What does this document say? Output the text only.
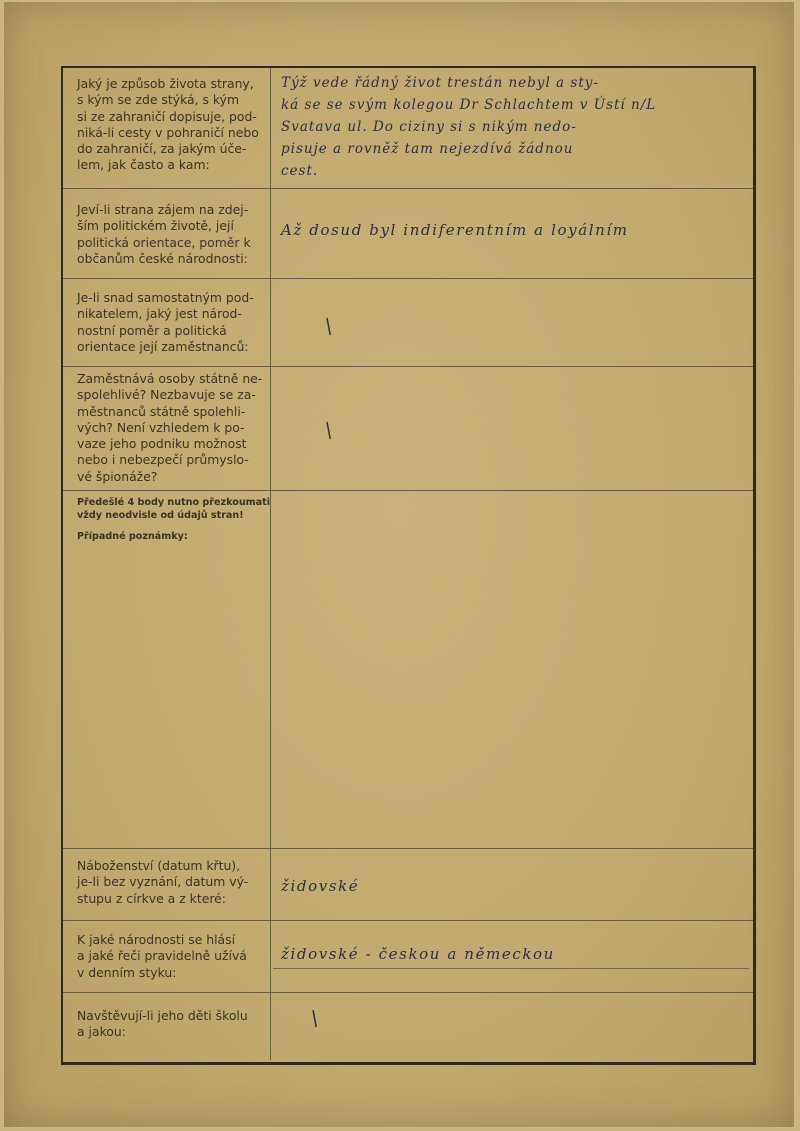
Jaký je způsob života strany,
s kým se zde stýká, s kým
si ze zahraničí dopisuje, pod-
niká-li cesty v pohraničí nebo
do zahraničí, za jakým úče-
lem, jak často a kam:
Týž vede řádný život trestán nebyl a sty-
ká se se svým kolegou Dr Schlachtem v Ústí n/L
Svatava ul. Do ciziny si s nikým nedo-
pisuje a rovněž tam nejezdívá žádnou
cest.
Jeví-li strana zájem na zdej-
ším politickém životě, její
politická orientace, poměr k
občanům české národnosti:
Až dosud byl indiferentním a loyálním
Je-li snad samostatným pod-
nikatelem, jaký jest národ-
nostní poměr a politická
orientace její zaměstnanců:
/
Zaměstnává osoby státně ne-
spolehlivé? Nezbavuje se za-
městnanců státně spolehli-
vých? Není vzhledem k po-
vaze jeho podniku možnost
nebo i nebezpečí průmyslo-
vé špionáže?
/
Předešlé 4 body nutno přezkoumati
vždy neodvisle od údajů stran!
Případné poznámky:
Náboženství (datum křtu),
je-li bez vyznání, datum vý-
stupu z církve a z které:
židovské
K jaké národnosti se hlásí
a jaké řeči pravidelně užívá
v denním styku:
židovské - českou a německou
Navštěvují-li jeho děti školu
a jakou:
/
